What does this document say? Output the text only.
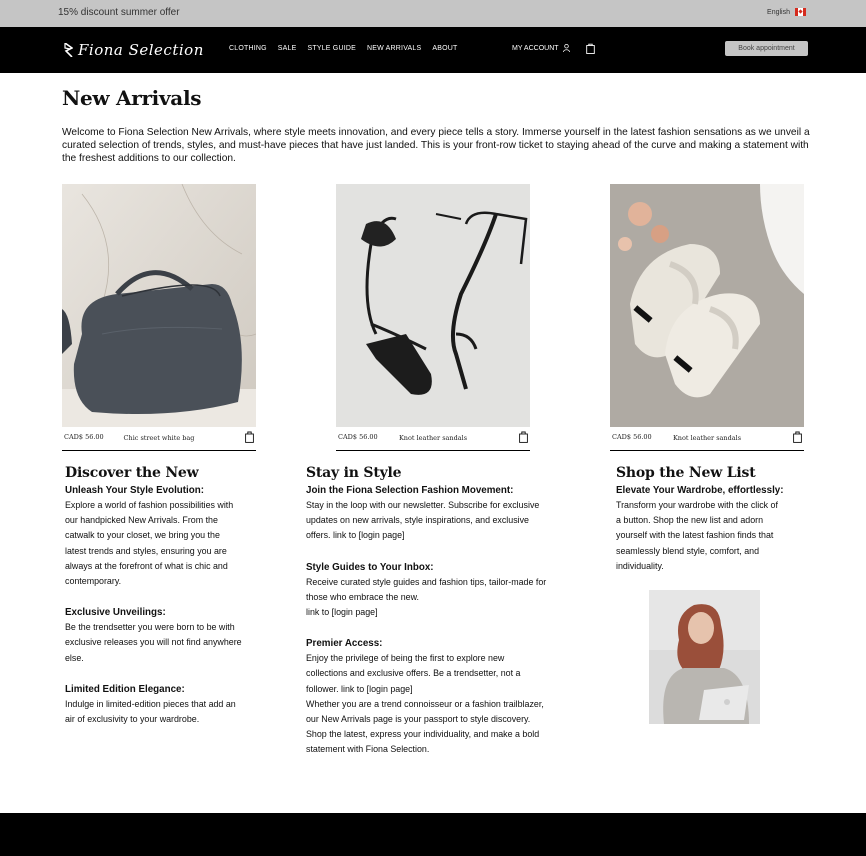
15% discount summer offer	English
Fiona Selection	CLOTHING SALE STYLE GUIDE NEW ARRIVALS ABOUT	MY ACCOUNT	Book appointment
New Arrivals

Welcome to Fiona Selection New Arrivals, where style meets innovation, and every piece tells a story. Immerse yourself in the latest fashion sensations as we unveil a curated selection of trends, styles, and must-have pieces that have just landed. This is your front-row ticket to staying ahead of the curve and making a statement with the freshest additions to our collection.

CAD$ 56.00	Chic street white bag	CAD$ 56.00	Knot leather sandals	CAD$ 56.00	Knot leather sandals
Discover the New
Unleash Your Style Evolution:

Explore a world of fashion possibilities with

our handpicked New Arrivals. From the

catwalk to your closet, we bring you the

latest trends and styles, ensuring you are

always at the forefront of what is chic and

contemporary.

Exclusive Unveilings:

Be the trendsetter you were born to be with

exclusive releases you will not find anywhere

else.

Limited Edition Elegance:

Indulge in limited-edition pieces that add an

air of exclusivity to your wardrobe.

Stay in Style
Join the Fiona Selection Fashion Movement:

Stay in the loop with our newsletter. Subscribe for exclusive

updates on new arrivals, style inspirations, and exclusive

offers. link to [login page]

Style Guides to Your Inbox:

Receive curated style guides and fashion tips, tailor-made for

those who embrace the new.

link to [login page]

Premier Access:

Enjoy the privilege of being the first to explore new

collections and exclusive offers. Be a trendsetter, not a

follower. link to [login page]

Whether you are a trend connoisseur or a fashion trailblazer,

our New Arrivals page is your passport to style discovery.

Shop the latest, express your individuality, and make a bold

statement with Fiona Selection.

Shop the New List
Elevate Your Wardrobe, effortlessly:

Transform your wardrobe with the click of

a button. Shop the new list and adorn

yourself with the latest fashion finds that

seamlessly blend style, comfort, and

individuality.
